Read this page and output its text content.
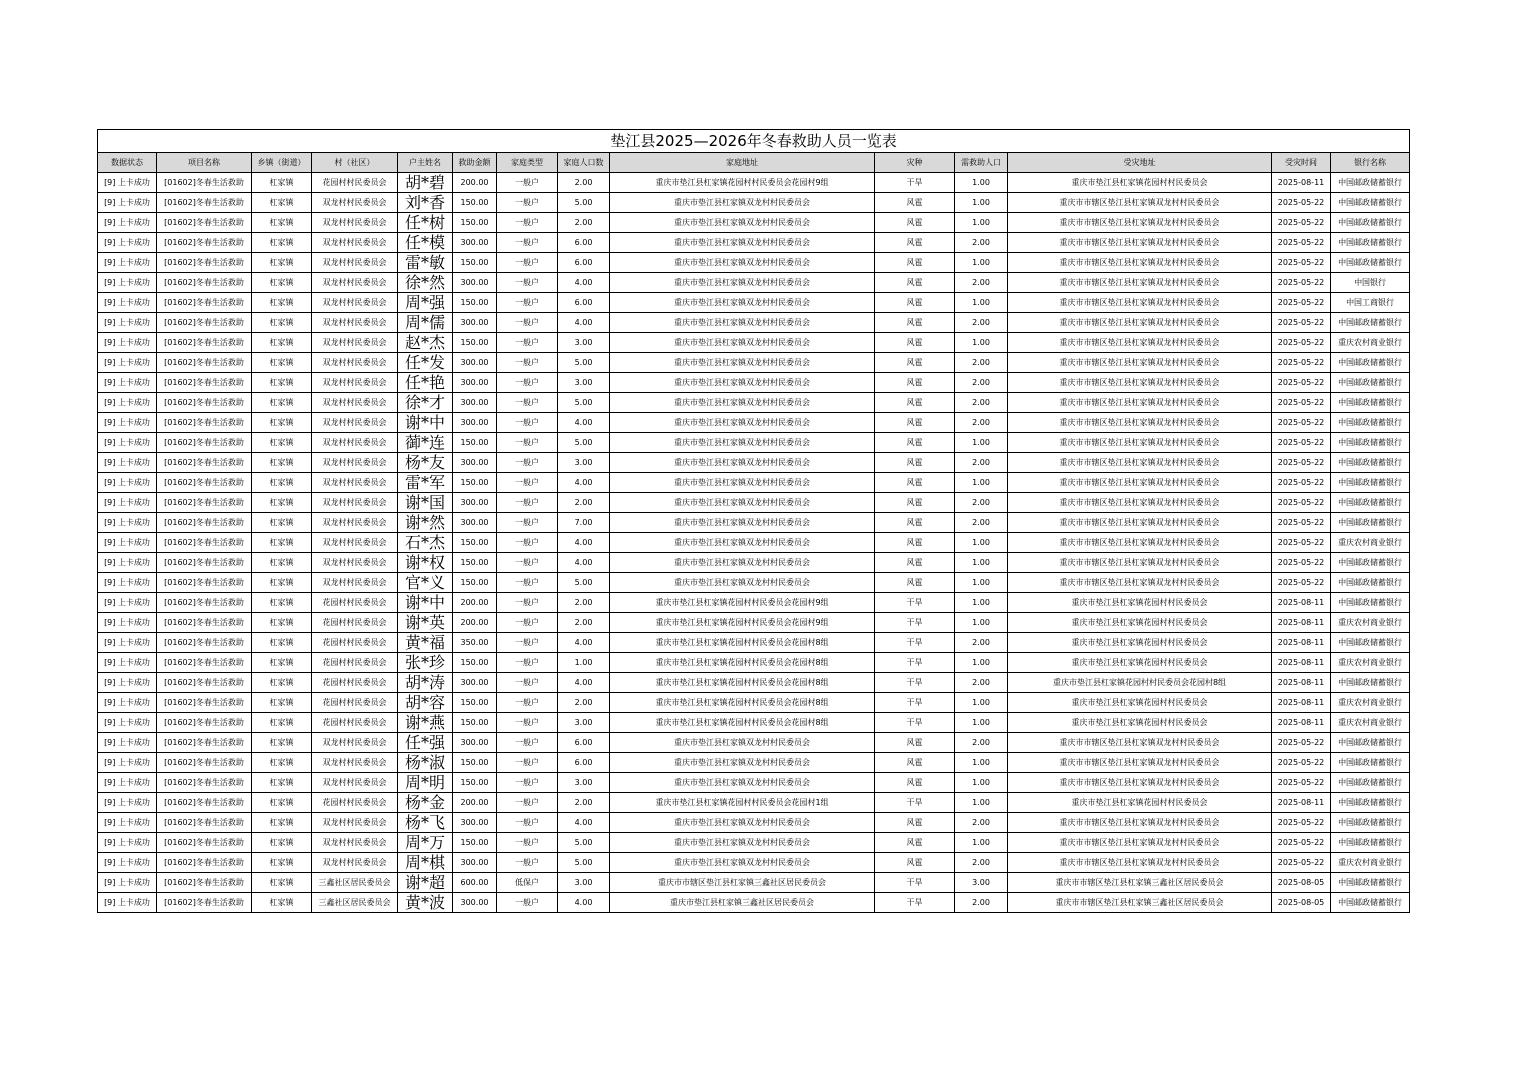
垫江县2025—2026年冬春救助人员一览表													
数据状态	项目名称	乡镇（街道）	村（社区）	户主姓名	救助金额	家庭类型	家庭人口数	家庭地址	灾种	需救助人口	受灾地址	受灾时间	银行名称
[9] 上卡成功	[01602]冬春生活救助	杠家镇	花园村村民委员会	胡*碧	200.00	一般户	2.00	重庆市垫江县杠家镇花园村村民委员会花园村9组	干旱	1.00	重庆市垫江县杠家镇花园村村民委员会	2025-08-11	中国邮政储蓄银行
[9] 上卡成功	[01602]冬春生活救助	杠家镇	双龙村村民委员会	刘*香	150.00	一般户	5.00	重庆市垫江县杠家镇双龙村村民委员会	风雹	1.00	重庆市市辖区垫江县杠家镇双龙村村民委员会	2025-05-22	中国邮政储蓄银行
[9] 上卡成功	[01602]冬春生活救助	杠家镇	双龙村村民委员会	任*树	150.00	一般户	2.00	重庆市垫江县杠家镇双龙村村民委员会	风雹	1.00	重庆市市辖区垫江县杠家镇双龙村村民委员会	2025-05-22	中国邮政储蓄银行
[9] 上卡成功	[01602]冬春生活救助	杠家镇	双龙村村民委员会	任*模	300.00	一般户	6.00	重庆市垫江县杠家镇双龙村村民委员会	风雹	2.00	重庆市市辖区垫江县杠家镇双龙村村民委员会	2025-05-22	中国邮政储蓄银行
[9] 上卡成功	[01602]冬春生活救助	杠家镇	双龙村村民委员会	雷*敏	150.00	一般户	6.00	重庆市垫江县杠家镇双龙村村民委员会	风雹	1.00	重庆市市辖区垫江县杠家镇双龙村村民委员会	2025-05-22	中国邮政储蓄银行
[9] 上卡成功	[01602]冬春生活救助	杠家镇	双龙村村民委员会	徐*然	300.00	一般户	4.00	重庆市垫江县杠家镇双龙村村民委员会	风雹	2.00	重庆市市辖区垫江县杠家镇双龙村村民委员会	2025-05-22	中国银行
[9] 上卡成功	[01602]冬春生活救助	杠家镇	双龙村村民委员会	周*强	150.00	一般户	6.00	重庆市垫江县杠家镇双龙村村民委员会	风雹	1.00	重庆市市辖区垫江县杠家镇双龙村村民委员会	2025-05-22	中国工商银行
[9] 上卡成功	[01602]冬春生活救助	杠家镇	双龙村村民委员会	周*儒	300.00	一般户	4.00	重庆市垫江县杠家镇双龙村村民委员会	风雹	2.00	重庆市市辖区垫江县杠家镇双龙村村民委员会	2025-05-22	中国邮政储蓄银行
[9] 上卡成功	[01602]冬春生活救助	杠家镇	双龙村村民委员会	赵*杰	150.00	一般户	3.00	重庆市垫江县杠家镇双龙村村民委员会	风雹	1.00	重庆市市辖区垫江县杠家镇双龙村村民委员会	2025-05-22	重庆农村商业银行
[9] 上卡成功	[01602]冬春生活救助	杠家镇	双龙村村民委员会	任*发	300.00	一般户	5.00	重庆市垫江县杠家镇双龙村村民委员会	风雹	2.00	重庆市市辖区垫江县杠家镇双龙村村民委员会	2025-05-22	中国邮政储蓄银行
[9] 上卡成功	[01602]冬春生活救助	杠家镇	双龙村村民委员会	任*艳	300.00	一般户	3.00	重庆市垫江县杠家镇双龙村村民委员会	风雹	2.00	重庆市市辖区垫江县杠家镇双龙村村民委员会	2025-05-22	中国邮政储蓄银行
[9] 上卡成功	[01602]冬春生活救助	杠家镇	双龙村村民委员会	徐*才	300.00	一般户	5.00	重庆市垫江县杠家镇双龙村村民委员会	风雹	2.00	重庆市市辖区垫江县杠家镇双龙村村民委员会	2025-05-22	中国邮政储蓄银行
[9] 上卡成功	[01602]冬春生活救助	杠家镇	双龙村村民委员会	谢*中	300.00	一般户	4.00	重庆市垫江县杠家镇双龙村村民委员会	风雹	2.00	重庆市市辖区垫江县杠家镇双龙村村民委员会	2025-05-22	中国邮政储蓄银行
[9] 上卡成功	[01602]冬春生活救助	杠家镇	双龙村村民委员会	蓹*连	150.00	一般户	5.00	重庆市垫江县杠家镇双龙村村民委员会	风雹	1.00	重庆市市辖区垫江县杠家镇双龙村村民委员会	2025-05-22	中国邮政储蓄银行
[9] 上卡成功	[01602]冬春生活救助	杠家镇	双龙村村民委员会	杨*友	300.00	一般户	3.00	重庆市垫江县杠家镇双龙村村民委员会	风雹	2.00	重庆市市辖区垫江县杠家镇双龙村村民委员会	2025-05-22	中国邮政储蓄银行
[9] 上卡成功	[01602]冬春生活救助	杠家镇	双龙村村民委员会	雷*军	150.00	一般户	4.00	重庆市垫江县杠家镇双龙村村民委员会	风雹	1.00	重庆市市辖区垫江县杠家镇双龙村村民委员会	2025-05-22	中国邮政储蓄银行
[9] 上卡成功	[01602]冬春生活救助	杠家镇	双龙村村民委员会	谢*国	300.00	一般户	2.00	重庆市垫江县杠家镇双龙村村民委员会	风雹	2.00	重庆市市辖区垫江县杠家镇双龙村村民委员会	2025-05-22	中国邮政储蓄银行
[9] 上卡成功	[01602]冬春生活救助	杠家镇	双龙村村民委员会	谢*然	300.00	一般户	7.00	重庆市垫江县杠家镇双龙村村民委员会	风雹	2.00	重庆市市辖区垫江县杠家镇双龙村村民委员会	2025-05-22	中国邮政储蓄银行
[9] 上卡成功	[01602]冬春生活救助	杠家镇	双龙村村民委员会	石*杰	150.00	一般户	4.00	重庆市垫江县杠家镇双龙村村民委员会	风雹	1.00	重庆市市辖区垫江县杠家镇双龙村村民委员会	2025-05-22	重庆农村商业银行
[9] 上卡成功	[01602]冬春生活救助	杠家镇	双龙村村民委员会	谢*权	150.00	一般户	4.00	重庆市垫江县杠家镇双龙村村民委员会	风雹	1.00	重庆市市辖区垫江县杠家镇双龙村村民委员会	2025-05-22	中国邮政储蓄银行
[9] 上卡成功	[01602]冬春生活救助	杠家镇	双龙村村民委员会	官*义	150.00	一般户	5.00	重庆市垫江县杠家镇双龙村村民委员会	风雹	1.00	重庆市市辖区垫江县杠家镇双龙村村民委员会	2025-05-22	中国邮政储蓄银行
[9] 上卡成功	[01602]冬春生活救助	杠家镇	花园村村民委员会	谢*中	200.00	一般户	2.00	重庆市垫江县杠家镇花园村村民委员会花园村9组	干旱	1.00	重庆市垫江县杠家镇花园村村民委员会	2025-08-11	中国邮政储蓄银行
[9] 上卡成功	[01602]冬春生活救助	杠家镇	花园村村民委员会	谢*英	200.00	一般户	2.00	重庆市垫江县杠家镇花园村村民委员会花园村9组	干旱	1.00	重庆市垫江县杠家镇花园村村民委员会	2025-08-11	重庆农村商业银行
[9] 上卡成功	[01602]冬春生活救助	杠家镇	花园村村民委员会	黄*福	350.00	一般户	4.00	重庆市垫江县杠家镇花园村村民委员会花园村8组	干旱	2.00	重庆市垫江县杠家镇花园村村民委员会	2025-08-11	中国邮政储蓄银行
[9] 上卡成功	[01602]冬春生活救助	杠家镇	花园村村民委员会	张*珍	150.00	一般户	1.00	重庆市垫江县杠家镇花园村村民委员会花园村8组	干旱	1.00	重庆市垫江县杠家镇花园村村民委员会	2025-08-11	重庆农村商业银行
[9] 上卡成功	[01602]冬春生活救助	杠家镇	花园村村民委员会	胡*涛	300.00	一般户	4.00	重庆市垫江县杠家镇花园村村民委员会花园村8组	干旱	2.00	重庆市垫江县杠家镇花园村村民委员会花园村8组	2025-08-11	中国邮政储蓄银行
[9] 上卡成功	[01602]冬春生活救助	杠家镇	花园村村民委员会	胡*容	150.00	一般户	2.00	重庆市垫江县杠家镇花园村村民委员会花园村8组	干旱	1.00	重庆市垫江县杠家镇花园村村民委员会	2025-08-11	重庆农村商业银行
[9] 上卡成功	[01602]冬春生活救助	杠家镇	花园村村民委员会	谢*燕	150.00	一般户	3.00	重庆市垫江县杠家镇花园村村民委员会花园村8组	干旱	1.00	重庆市垫江县杠家镇花园村村民委员会	2025-08-11	重庆农村商业银行
[9] 上卡成功	[01602]冬春生活救助	杠家镇	双龙村村民委员会	任*强	300.00	一般户	6.00	重庆市垫江县杠家镇双龙村村民委员会	风雹	2.00	重庆市市辖区垫江县杠家镇双龙村村民委员会	2025-05-22	中国邮政储蓄银行
[9] 上卡成功	[01602]冬春生活救助	杠家镇	双龙村村民委员会	杨*淑	150.00	一般户	6.00	重庆市垫江县杠家镇双龙村村民委员会	风雹	1.00	重庆市市辖区垫江县杠家镇双龙村村民委员会	2025-05-22	中国邮政储蓄银行
[9] 上卡成功	[01602]冬春生活救助	杠家镇	双龙村村民委员会	周*明	150.00	一般户	3.00	重庆市垫江县杠家镇双龙村村民委员会	风雹	1.00	重庆市市辖区垫江县杠家镇双龙村村民委员会	2025-05-22	中国邮政储蓄银行
[9] 上卡成功	[01602]冬春生活救助	杠家镇	花园村村民委员会	杨*金	200.00	一般户	2.00	重庆市垫江县杠家镇花园村村民委员会花园村1组	干旱	1.00	重庆市垫江县杠家镇花园村村民委员会	2025-08-11	中国邮政储蓄银行
[9] 上卡成功	[01602]冬春生活救助	杠家镇	双龙村村民委员会	杨*飞	300.00	一般户	4.00	重庆市垫江县杠家镇双龙村村民委员会	风雹	2.00	重庆市市辖区垫江县杠家镇双龙村村民委员会	2025-05-22	中国邮政储蓄银行
[9] 上卡成功	[01602]冬春生活救助	杠家镇	双龙村村民委员会	周*万	150.00	一般户	5.00	重庆市垫江县杠家镇双龙村村民委员会	风雹	1.00	重庆市市辖区垫江县杠家镇双龙村村民委员会	2025-05-22	中国邮政储蓄银行
[9] 上卡成功	[01602]冬春生活救助	杠家镇	双龙村村民委员会	周*棋	300.00	一般户	5.00	重庆市垫江县杠家镇双龙村村民委员会	风雹	2.00	重庆市市辖区垫江县杠家镇双龙村村民委员会	2025-05-22	重庆农村商业银行
[9] 上卡成功	[01602]冬春生活救助	杠家镇	三鑫社区居民委员会	谢*超	600.00	低保户	3.00	重庆市市辖区垫江县杠家镇三鑫社区居民委员会	干旱	3.00	重庆市市辖区垫江县杠家镇三鑫社区居民委员会	2025-08-05	中国邮政储蓄银行
[9] 上卡成功	[01602]冬春生活救助	杠家镇	三鑫社区居民委员会	黄*波	300.00	一般户	4.00	重庆市垫江县杠家镇三鑫社区居民委员会	干旱	2.00	重庆市市辖区垫江县杠家镇三鑫社区居民委员会	2025-08-05	中国邮政储蓄银行
